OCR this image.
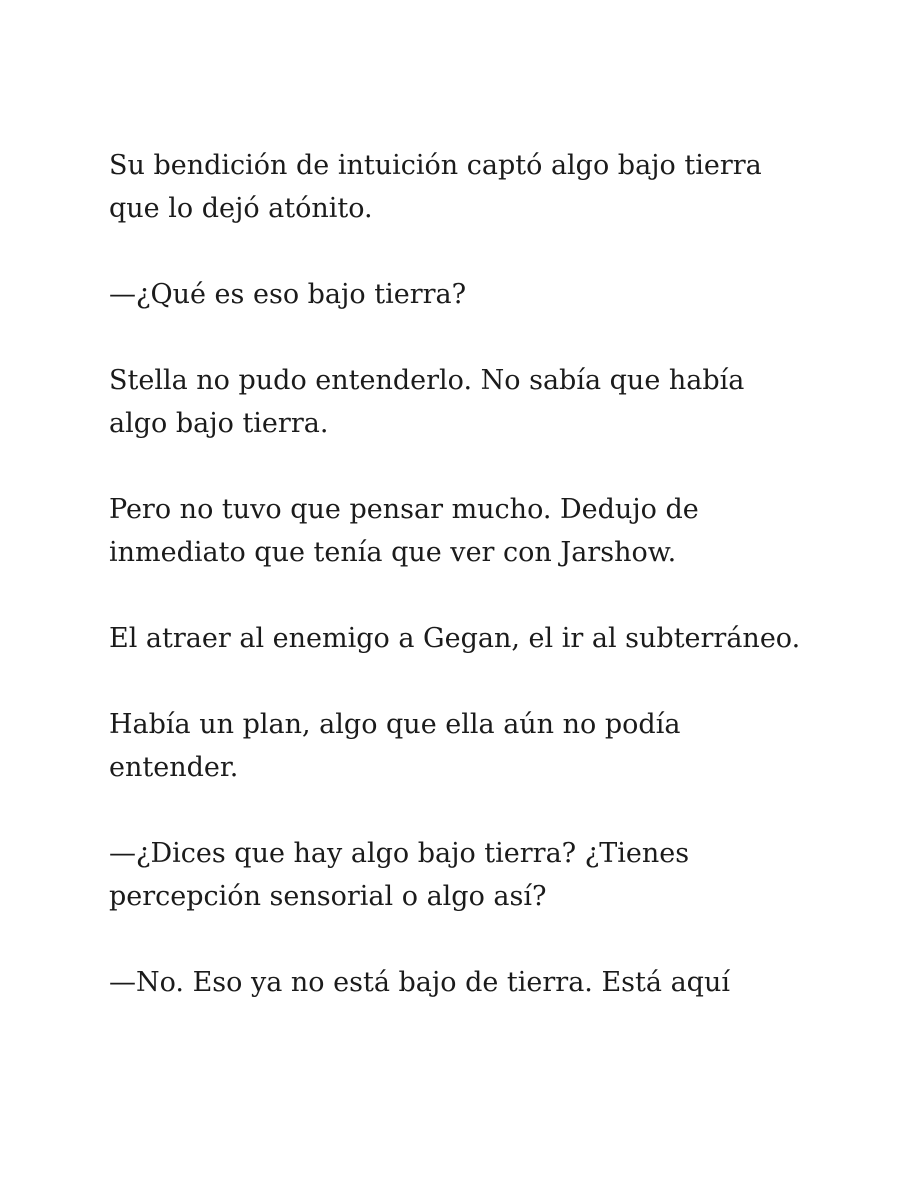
Su bendición de intuición captó algo bajo tierra que lo dejó atónito.

—¿Qué es eso bajo tierra?

Stella no pudo entenderlo. No sabía que había algo bajo tierra.

Pero no tuvo que pensar mucho. Dedujo de inmediato que tenía que ver con Jarshow.

El atraer al enemigo a Gegan, el ir al subterráneo.

Había un plan, algo que ella aún no podía entender.

—¿Dices que hay algo bajo tierra? ¿Tienes percepción sensorial o algo así?

—No. Eso ya no está bajo de tierra. Está aquí
